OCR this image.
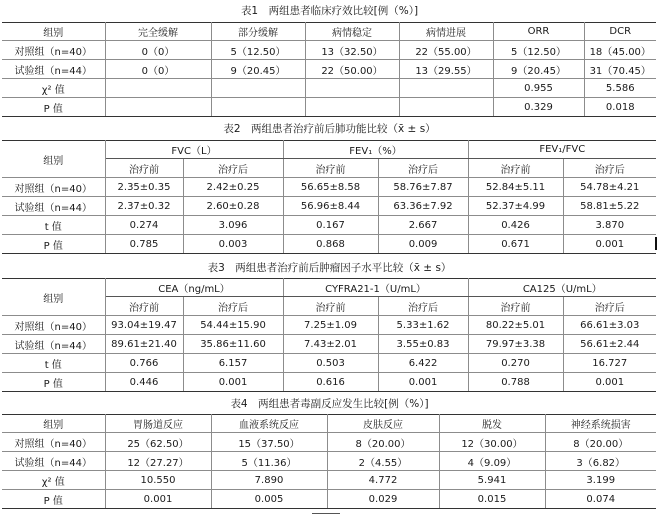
表1　两组患者临床疗效比较[例（%）]
组别	完全缓解	部分缓解	病情稳定	病情进展	ORR	DCR
对照组（n=40）	0（0）	5（12.50）	13（32.50）	22（55.00）	5（12.50）	18（45.00）
试验组（n=44）	0（0）	9（20.45）	22（50.00）	13（29.55）	9（20.45）	31（70.45）
χ² 值					0.955	5.586
P 值					0.329	0.018
表2　两组患者治疗前后肺功能比较（x̄ ± s）
组别	FVC（L）		FEV₁（%）		FEV₁/FVC	
	治疗前	治疗后	治疗前	治疗后	治疗前	治疗后
对照组（n=40）	2.35±0.35	2.42±0.25	56.65±8.58	58.76±7.87	52.84±5.11	54.78±4.21
试验组（n=44）	2.37±0.32	2.60±0.28	56.96±8.44	63.36±7.92	52.37±4.99	58.81±5.22
t 值	0.274	3.096	0.167	2.667	0.426	3.870
P 值	0.785	0.003	0.868	0.009	0.671	0.001
表3　两组患者治疗前后肿瘤因子水平比较（x̄ ± s）
组别	CEA（ng/mL）		CYFRA21-1（U/mL）		CA125（U/mL）	
	治疗前	治疗后	治疗前	治疗后	治疗前	治疗后
对照组（n=40）	93.04±19.47	54.44±15.90	7.25±1.09	5.33±1.62	80.22±5.01	66.61±3.03
试验组（n=44）	89.61±21.40	35.86±11.60	7.43±2.01	3.55±0.83	79.97±3.38	56.61±2.44
t 值	0.766	6.157	0.503	6.422	0.270	16.727
P 值	0.446	0.001	0.616	0.001	0.788	0.001
表4　两组患者毒副反应发生比较[例（%）]
组别	胃肠道反应	血液系统反应	皮肤反应	脱发	神经系统损害
对照组（n=40）	25（62.50）	15（37.50）	8（20.00）	12（30.00）	8（20.00）
试验组（n=44）	12（27.27）	5（11.36）	2（4.55）	4（9.09）	3（6.82）
χ² 值	10.550	7.890	4.772	5.941	3.199
P 值	0.001	0.005	0.029	0.015	0.074
